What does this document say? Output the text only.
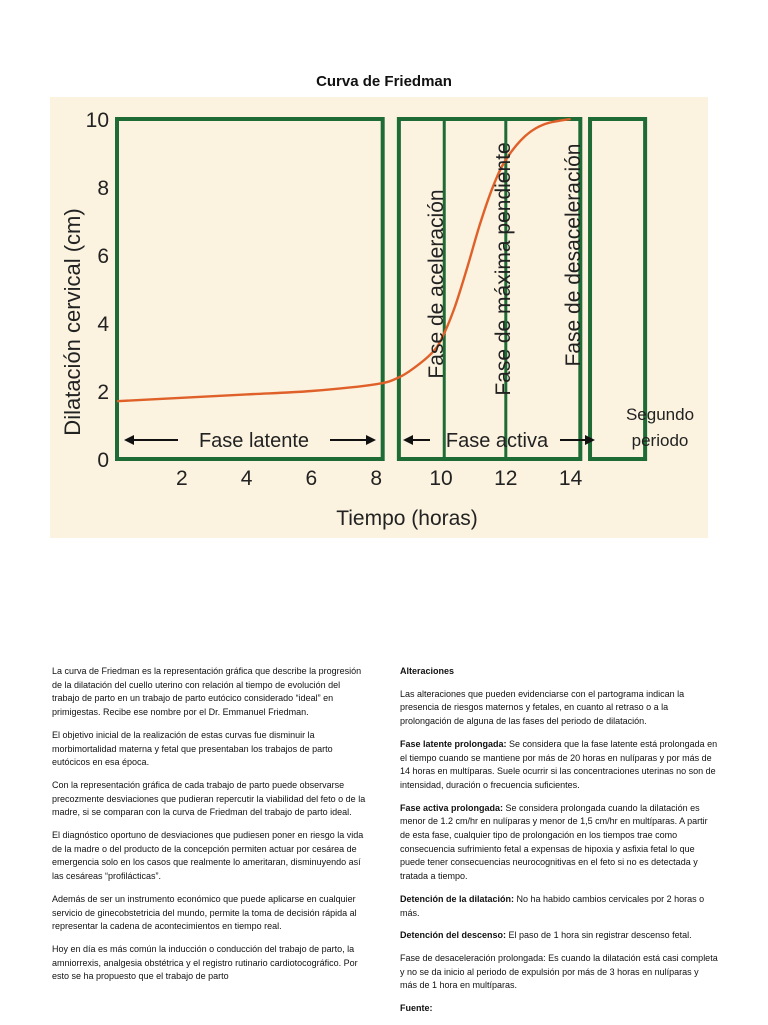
Curva de Friedman
0
2
4
6
8
10
2	4	6	8 10 12 14
Dilatación cervical (cm)
Tiempo (horas)
Fase de aceleración Fase de máxima pendiente Fase de desaceleración
Fase latente	Fase activa
Segundo
periodo

La curva de Friedman es la representación gráfica que describe la progresión de la dilatación del cuello uterino con relación al tiempo de evolución del trabajo de parto en un trabajo de parto eutócico considerado “ideal” en primigestas. Recibe ese nombre por el Dr. Emmanuel Friedman.

El objetivo inicial de la realización de estas curvas fue disminuir la morbimortalidad materna y fetal que presentaban los trabajos de parto eutócicos en esa época.

Con la representación gráfica de cada trabajo de parto puede observarse precozmente desviaciones que pudieran repercutir la viabilidad del feto o de la madre, si se comparan con la curva de Friedman del trabajo de parto ideal.

El diagnóstico oportuno de desviaciones que pudiesen poner en riesgo la vida de la madre o del producto de la concepción permiten actuar por cesárea de emergencia solo en los casos que realmente lo ameritaran, disminuyendo así las cesáreas “profilácticas”.

Además de ser un instrumento económico que puede aplicarse en cualquier servicio de ginecobstetricia del mundo, permite la toma de decisión rápida al representar la cadena de acontecimientos en tiempo real.

Hoy en día es más común la inducción o conducción del trabajo de parto, la amniorrexis, analgesia obstétrica y el registro rutinario cardiotocográfico. Por esto se ha propuesto que el trabajo de parto

Alteraciones

Las alteraciones que pueden evidenciarse con el partograma indican la presencia de riesgos maternos y fetales, en cuanto al retraso o a la prolongación de alguna de las fases del periodo de dilatación.

Fase latente prolongada: Se considera que la fase latente está prolongada en el tiempo cuando se mantiene por más de 20 horas en nulíparas y por más de 14 horas en multíparas. Suele ocurrir si las concentraciones uterinas no son de intensidad, duración o frecuencia suficientes.

Fase activa prolongada: Se considera prolongada cuando la dilatación es menor de 1.2 cm/hr en nulíparas y menor de 1,5 cm/hr en multíparas. A partir de esta fase, cualquier tipo de prolongación en los tiempos trae como consecuencia sufrimiento fetal a expensas de hipoxia y asfixia fetal lo que puede tener consecuencias neurocognitivas en el feto si no es detectada y tratada a tiempo.

Detención de la dilatación: No ha habido cambios cervicales por 2 horas o más.

Detención del descenso: El paso de 1 hora sin registrar descenso fetal.

Fase de desaceleración prolongada: Es cuando la dilatación está casi completa y no se da inicio al periodo de expulsión por más de 3 horas en nulíparas y más de 1 hora en multíparas.

Fuente:
